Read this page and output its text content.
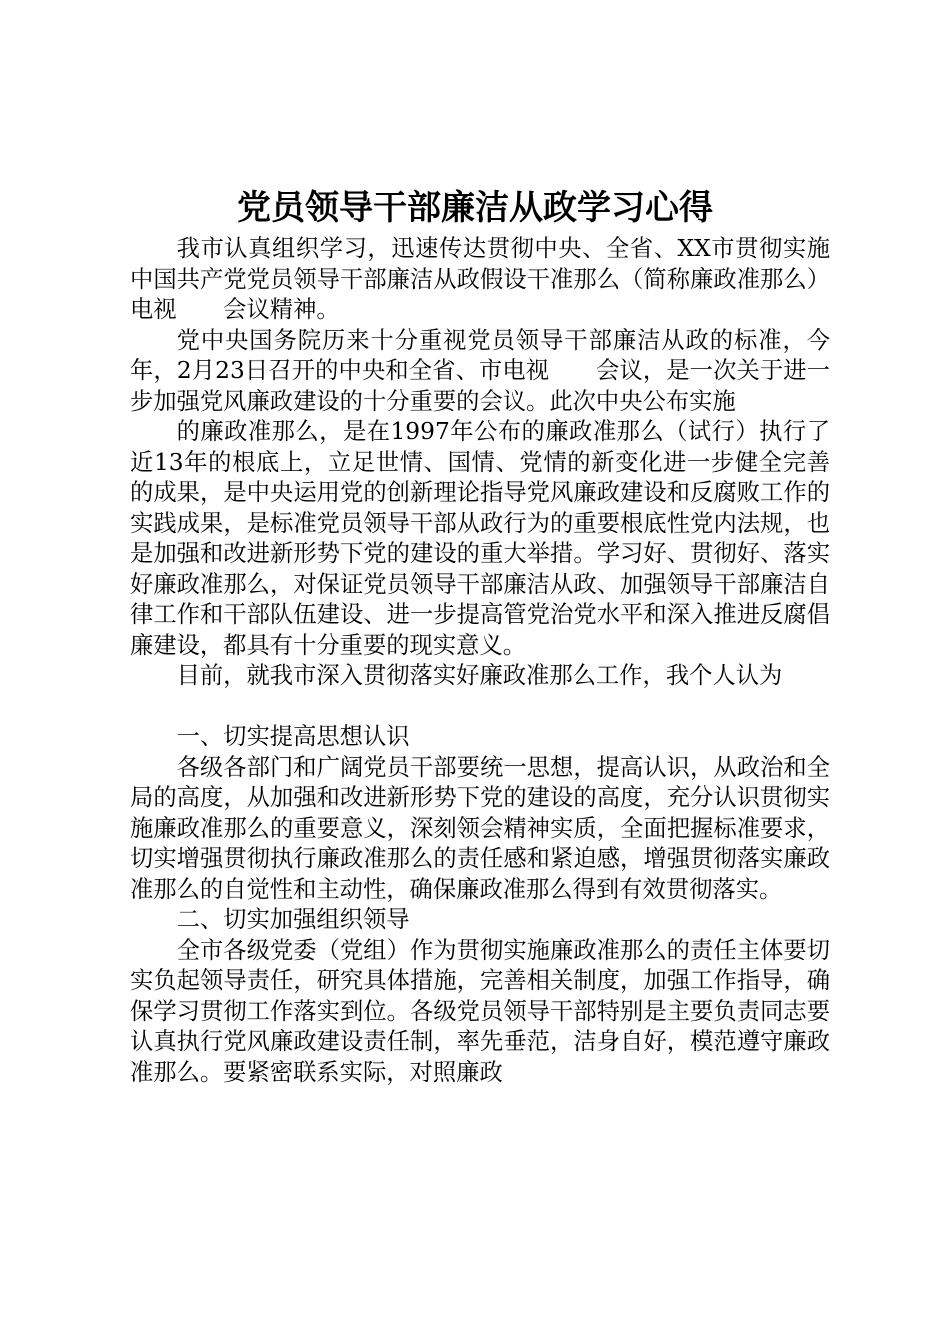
党员领导干部廉洁从政学习心得

我市认真组织学习，迅速传达贯彻中央、全省、XX市贯彻实施中国共产党党员领导干部廉洁从政假设干准那么（简称廉政准那么）电视　　会议精神。

党中央国务院历来十分重视党员领导干部廉洁从政的标准，今年，2月23日召开的中央和全省、市电视　　会议，是一次关于进一步加强党风廉政建设的十分重要的会议。此次中央公布实施

的廉政准那么，是在1997年公布的廉政准那么（试行）执行了近13年的根底上，立足世情、国情、党情的新变化进一步健全完善的成果，是中央运用党的创新理论指导党风廉政建设和反腐败工作的实践成果，是标准党员领导干部从政行为的重要根底性党内法规，也是加强和改进新形势下党的建设的重大举措。学习好、贯彻好、落实好廉政准那么，对保证党员领导干部廉洁从政、加强领导干部廉洁自律工作和干部队伍建设、进一步提高管党治党水平和深入推进反腐倡廉建设，都具有十分重要的现实意义。

目前，就我市深入贯彻落实好廉政准那么工作，我个人认为

一、切实提高思想认识

各级各部门和广阔党员干部要统一思想，提高认识，从政治和全局的高度，从加强和改进新形势下党的建设的高度，充分认识贯彻实施廉政准那么的重要意义，深刻领会精神实质，全面把握标准要求，切实增强贯彻执行廉政准那么的责任感和紧迫感，增强贯彻落实廉政准那么的自觉性和主动性，确保廉政准那么得到有效贯彻落实。

二、切实加强组织领导

全市各级党委（党组）作为贯彻实施廉政准那么的责任主体要切实负起领导责任，研究具体措施，完善相关制度，加强工作指导，确保学习贯彻工作落实到位。各级党员领导干部特别是主要负责同志要认真执行党风廉政建设责任制，率先垂范，洁身自好，模范遵守廉政准那么。要紧密联系实际，对照廉政
